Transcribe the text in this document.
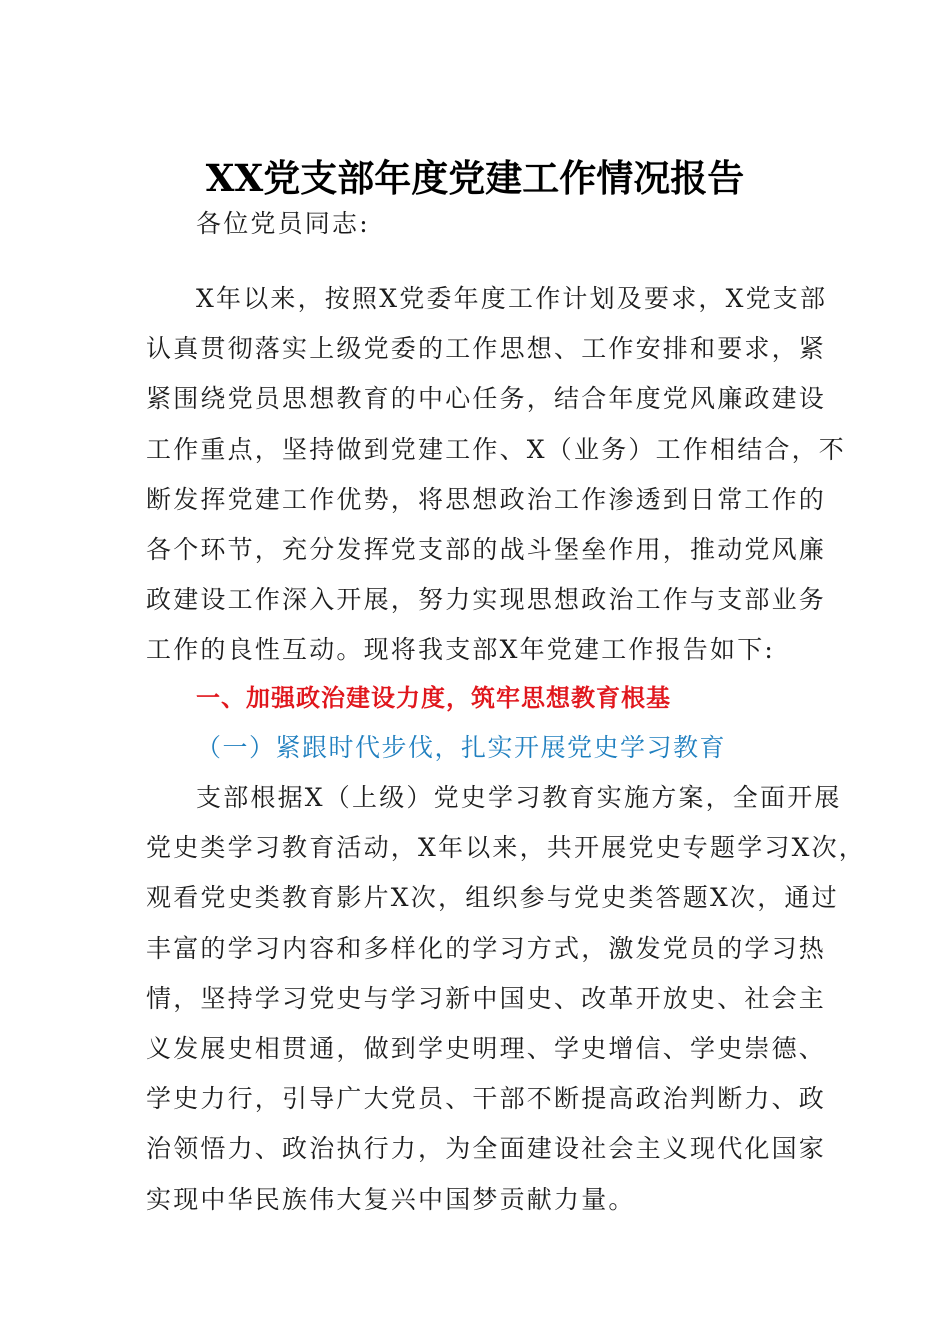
XX党支部年度党建工作情况报告
各位党员同志:
X年以来，按照X党委年度工作计划及要求，X党支部
认真贯彻落实上级党委的工作思想、工作安排和要求，紧
紧围绕党员思想教育的中心任务，结合年度党风廉政建设
工作重点，坚持做到党建工作、X（业务）工作相结合，不
断发挥党建工作优势，将思想政治工作渗透到日常工作的
各个环节，充分发挥党支部的战斗堡垒作用，推动党风廉
政建设工作深入开展，努力实现思想政治工作与支部业务
工作的良性互动。现将我支部X年党建工作报告如下:
一、加强政治建设力度，筑牢思想教育根基
（一）紧跟时代步伐，扎实开展党史学习教育
支部根据X（上级）党史学习教育实施方案，全面开展
党史类学习教育活动，X年以来，共开展党史专题学习X次，
观看党史类教育影片X次，组织参与党史类答题X次，通过
丰富的学习内容和多样化的学习方式，激发党员的学习热
情，坚持学习党史与学习新中国史、改革开放史、社会主
义发展史相贯通，做到学史明理、学史增信、学史崇德、
学史力行，引导广大党员、干部不断提高政治判断力、政
治领悟力、政治执行力，为全面建设社会主义现代化国家
实现中华民族伟大复兴中国梦贡献力量。
